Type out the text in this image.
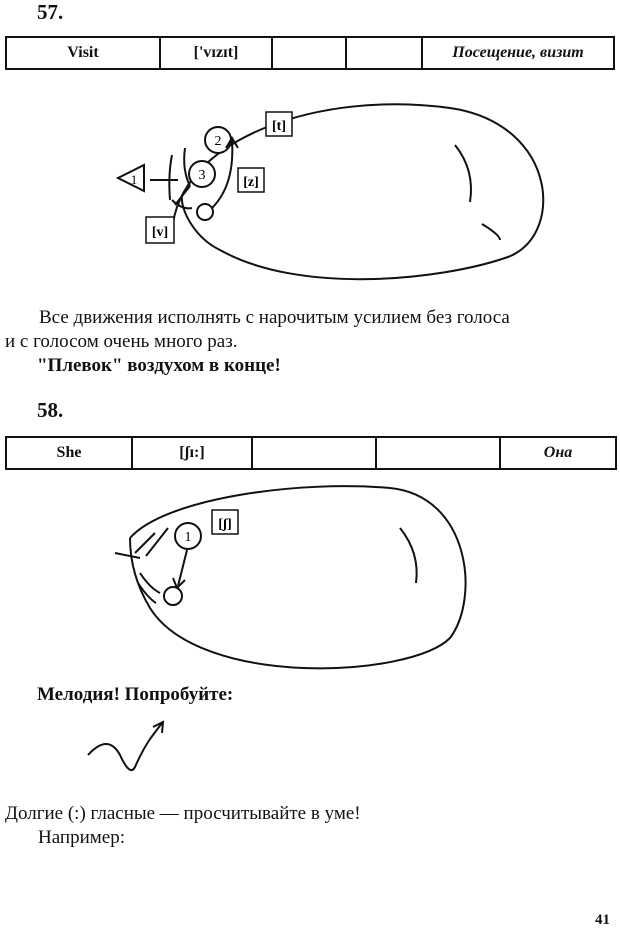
57.
Visit	['vɪzɪt]			Посещение, визит
1
2
3
[t]
[z]
[v]
Все движения исполнять с нарочитым усилием без голоса
и с голосом очень много раз.
"Плевок" воздухом в конце!
58.
She	[ʃɪ:]			Она
1
[ʃ]
Мелодия! Попробуйте:
Долгие (:) гласные — просчитывайте в уме!
Например:
41
